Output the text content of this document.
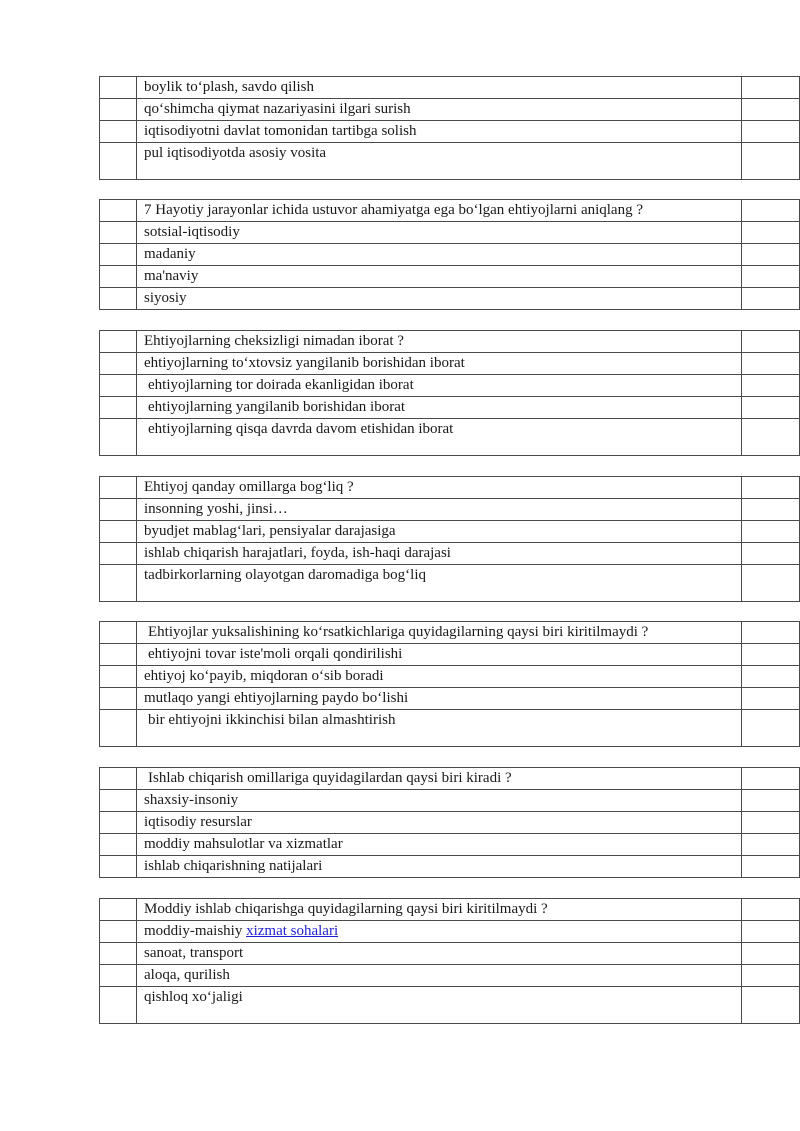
	boylik to‘plash, savdo qilish	
	qo‘shimcha qiymat nazariyasini ilgari surish	
	iqtisodiyotni davlat tomonidan tartibga solish	
	pul iqtisodiyotda asosiy vosita	
	7 Hayotiy jarayonlar ichida ustuvor ahamiyatga ega bo‘lgan ehtiyojlarni aniqlang ?	
	sotsial-iqtisodiy	
	madaniy	
	ma'naviy	
	siyosiy	
	Ehtiyojlarning cheksizligi nimadan iborat ?	
	ehtiyojlarning to‘xtovsiz yangilanib borishidan iborat	
	ehtiyojlarning tor doirada ekanligidan iborat	
	ehtiyojlarning yangilanib borishidan iborat	
	ehtiyojlarning qisqa davrda davom etishidan iborat	
	Ehtiyoj qanday omillarga bog‘liq ?	
	insonning yoshi, jinsi…	
	byudjet mablag‘lari, pensiyalar darajasiga	
	ishlab chiqarish harajatlari, foyda, ish-haqi darajasi	
	tadbirkorlarning olayotgan daromadiga bog‘liq	
	Ehtiyojlar yuksalishining ko‘rsatkichlariga quyidagilarning qaysi biri kiritilmaydi ?	
	ehtiyojni tovar iste'moli orqali qondirilishi	
	ehtiyoj ko‘payib, miqdoran o‘sib boradi	
	mutlaqo yangi ehtiyojlarning paydo bo‘lishi	
	bir ehtiyojni ikkinchisi bilan almashtirish	
	Ishlab chiqarish omillariga quyidagilardan qaysi biri kiradi ?	
	shaxsiy-insoniy	
	iqtisodiy resurslar	
	moddiy mahsulotlar va xizmatlar	
	ishlab chiqarishning natijalari	
	Moddiy ishlab chiqarishga quyidagilarning qaysi biri kiritilmaydi ?	
	moddiy-maishiy xizmat sohalari	
	sanoat, transport	
	aloqa, qurilish	
	qishloq xo‘jaligi	
